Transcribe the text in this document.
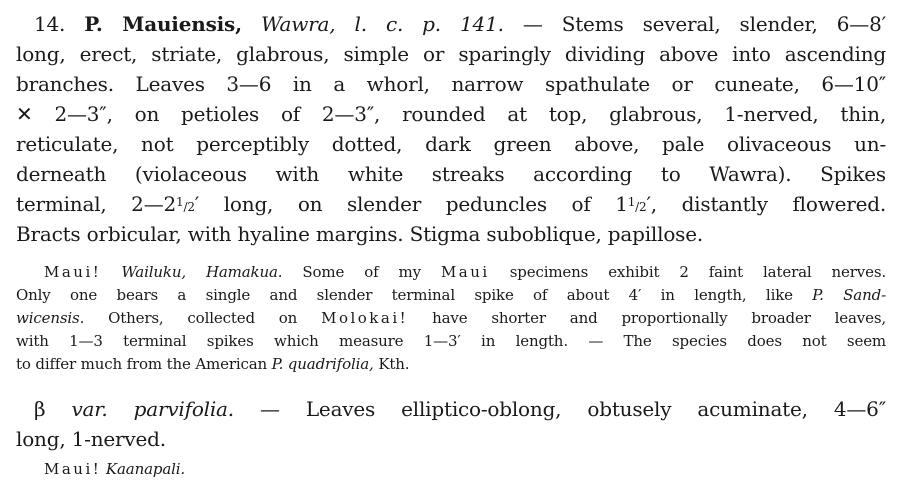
14. P. Mauiensis, Wawra, l. c. p. 141. — Stems several, slender, 6—8′
long, erect, striate, glabrous, simple or sparingly dividing above into ascending
branches. Leaves 3—6 in a whorl, narrow spathulate or cuneate, 6—10″
✕ 2—3″, on petioles of 2—3″, rounded at top, glabrous, 1-nerved, thin,
reticulate, not perceptibly dotted, dark green above, pale olivaceous un-
derneath (violaceous with white streaks according to Wawra). Spikes
terminal, $2—2^1/2'$ long, on slender peduncles of $1^1/2'$, distantly flowered.
Bracts orbicular, with hyaline margins. Stigma suboblique, papillose.
Maui! Wailuku, Hamakua. Some of my Maui specimens exhibit 2 faint lateral nerves.
Only one bears a single and slender terminal spike of about 4′ in length, like P. Sand-
wicensis. Others, collected on Molokai! have shorter and proportionally broader leaves,
with 1—3 terminal spikes which measure 1—3′ in length. — The species does not seem
to differ much from the American P. quadrifolia, Kth.
β var. parvifolia. — Leaves elliptico-oblong, obtusely acuminate, 4—6″
long, 1-nerved.
Maui! Kaanapali.
